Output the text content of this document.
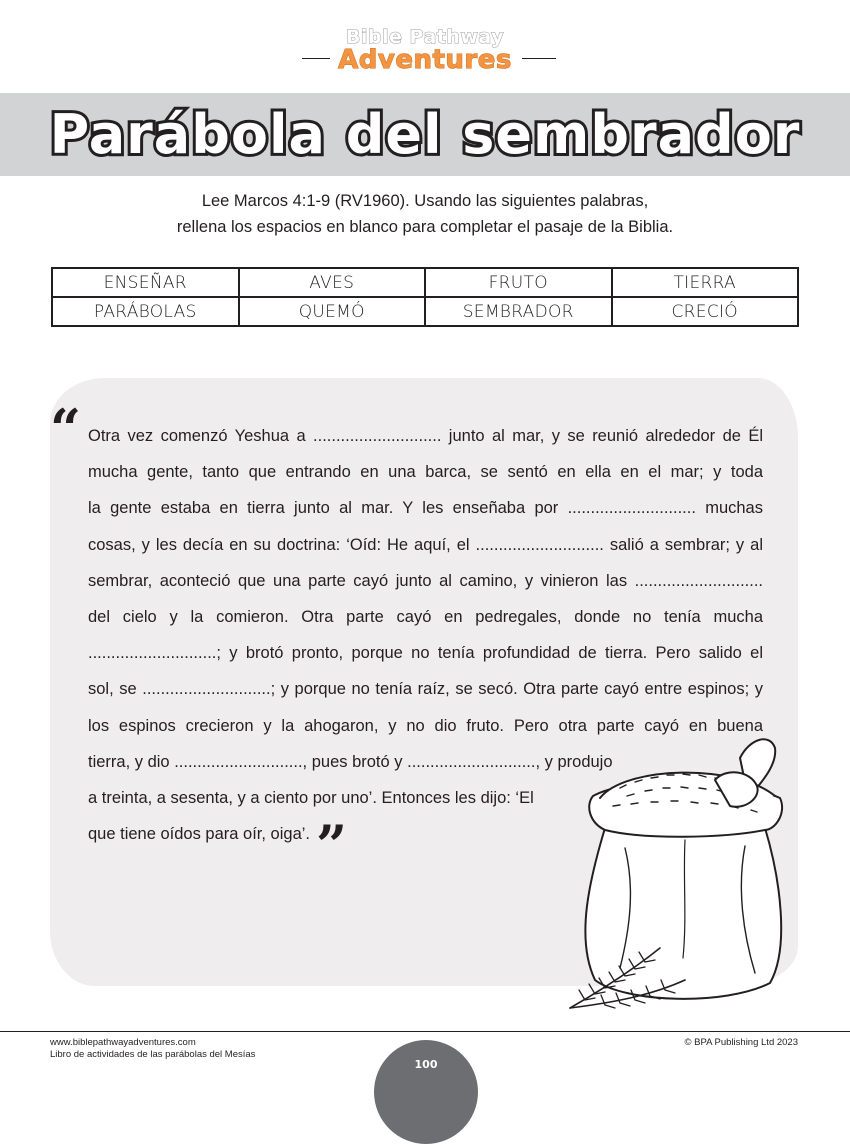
Bible Pathway
Adventures
Parábola del sembrador
Lee Marcos 4:1-9 (RV1960). Usando las siguientes palabras,
rellena los espacios en blanco para completar el pasaje de la Biblia.
ENSEÑAR	AVES	FRUTO	TIERRA
PARÁBOLAS	QUEMÓ	SEMBRADOR	CRECIÓ
“ Otra vez comenzó Yeshua a ............................ junto al mar, y se reunió alrededor de Él
mucha gente, tanto que entrando en una barca, se sentó en ella en el mar; y toda
la gente estaba en tierra junto al mar. Y les enseñaba por ............................ muchas
cosas, y les decía en su doctrina: ‘Oíd: He aquí, el ............................ salió a sembrar; y al
sembrar, aconteció que una parte cayó junto al camino, y vinieron las ............................
del cielo y la comieron. Otra parte cayó en pedregales, donde no tenía mucha
............................; y brotó pronto, porque no tenía profundidad de tierra. Pero salido el
sol, se ............................; y porque no tenía raíz, se secó. Otra parte cayó entre espinos; y
los espinos crecieron y la ahogaron, y no dio fruto. Pero otra parte cayó en buena
tierra, y dio ............................, pues brotó y ............................, y produjo
a treinta, a sesenta, y a ciento por uno’. Entonces les dijo: ‘El
que tiene oídos para oír, oiga’. ”
www.biblepathwayadventures.com
Libro de actividades de las parábolas del Mesías
© BPA Publishing Ltd 2023
100
